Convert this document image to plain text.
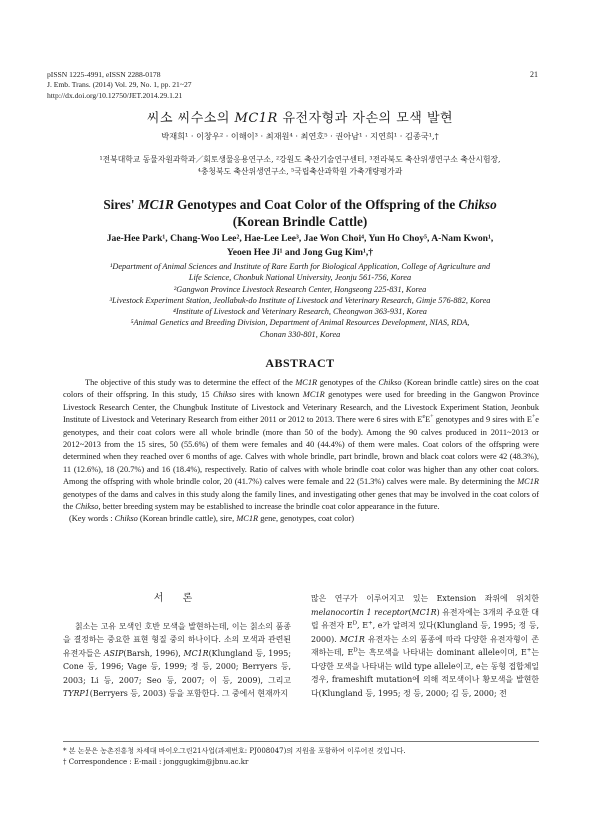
pISSN 1225-4991, eISSN 2288-0178
J. Emb. Trans. (2014) Vol. 29, No. 1, pp. 21~27
http://dx.doi.org/10.12750/JET.2014.29.1.21
21
씨소 씨수소의 MC1R 유전자형과 자손의 모색 발현
박재희¹ · 이창우² · 이해이³ · 최재원⁴ · 최연호⁵ · 권아남¹ · 지연희¹ · 김종국¹,†
¹전북대학교 동물자원과학과／회토생물응용연구소, ²강원도 축산기술연구센터, ³전라북도 축산위생연구소 축산시험장,
⁴충청북도 축산위생연구소, ⁵국립축산과학원 가축개량평가과
Sires' MC1R Genotypes and Coat Color of the Offspring of the Chikso
(Korean Brindle Cattle)
Jae-Hee Park¹, Chang-Woo Lee², Hae-Lee Lee³, Jae Won Choi⁴, Yun Ho Choy⁵, A-Nam Kwon¹,
Yeoen Hee Ji¹ and Jong Gug Kim¹,†
¹Department of Animal Sciences and Institute of Rare Earth for Biological Application, College of Agriculture and
Life Science, Chonbuk National University, Jeonju 561-756, Korea
²Gangwon Province Livestock Research Center, Hongseong 225-831, Korea
³Livestock Experiment Station, Jeollabuk-do Institute of Livestock and Veterinary Research, Gimje 576-882, Korea
⁴Institute of Livestock and Veterinary Research, Cheongwon 363-931, Korea
⁵Animal Genetics and Breeding Division, Department of Animal Resources Development, NIAS, RDA,
Chonan 330-801, Korea
ABSTRACT

The objective of this study was to determine the effect of the MC1R genotypes of the Chikso (Korean brindle cattle) sires on the coat colors of their offspring. In this study, 15 Chikso sires with known MC1R genotypes were used for breeding in the Gangwon Province Livestock Research Center, the Chungbuk Institute of Livestock and Veterinary Research, and the Livestock Experiment Station, Jeonbuk Institute of Livestock and Veterinary Research from either 2011 or 2012 to 2013. There were 6 sires with $E^eE^+$ genotypes and 9 sires with E+e genotypes, and their coat colors were all whole brindle (more than 50 of the body). Among the 90 calves produced in 2011~2013 or 2012~2013 from the 15 sires, 50 (55.6%) of them were females and 40 (44.4%) of them were males. Coat colors of the offspring were determined when they reached over 6 months of age. Calves with whole brindle, part brindle, brown and black coat colors were 42 (48.3%), 11 (12.6%), 18 (20.7%) and 16 (18.4%), respectively. Ratio of calves with whole brindle coat color was higher than any other coat colors. Among the offspring with whole brindle color, 20 (41.7%) calves were female and 22 (51.3%) calves were male. By determining the MC1R genotypes of the dams and calves in this study along the family lines, and investigating other genes that may be involved in the coat colors of the Chikso, better breeding system may be established to increase the brindle coat color appearance in the future.

(Key words : Chikso (Korean brindle cattle), sire, MC1R gene, genotypes, coat color)

서 론

칡소는 고유 모색인 호반 모색을 발현하는데, 이는 칡소의 품종을 결정하는 중요한 표현 형질 중의 하나이다. 소의 모색과 관련된 유전자들은 ASIP(Barsh, 1996), MC1R(Klungland 등, 1995; Cone 등, 1996; Vage 등, 1999; 정 등, 2000; Berryers 등, 2003; Li 등, 2007; Seo 등, 2007; 이 등, 2009), 그리고 TYRP1(Berryers 등, 2003) 등을 포함한다. 그 중에서 현재까지

많은 연구가 이루어지고 있는 Extension 좌위에 위치한 melanocortin 1 receptor(MC1R) 유전자에는 3개의 주요한 대립 유전자 $E^D$, E+, e가 알려져 있다(Klungland 등, 1995; 정 등, 2000). MC1R 유전자는 소의 품종에 따라 다양한 유전자형이 존재하는데, $E^D$는 흑모색을 나타내는 dominant allele이며, E+는 다양한 모색을 나타내는 wild type allele이고, e는 동형 접합체일 경우, frameshift mutation에 의해 적모색이나 황모색을 발현한다(Klungland 등, 1995; 정 등, 2000; 김 등, 2000; 전

* 본 논문은 농촌진흥청 차세대 바이오그린21사업(과제번호: PJ008047)의 지원을 포함하여 이루어진 것입니다.
† Correspondence : E-mail : jonggugkim@jbnu.ac.kr
